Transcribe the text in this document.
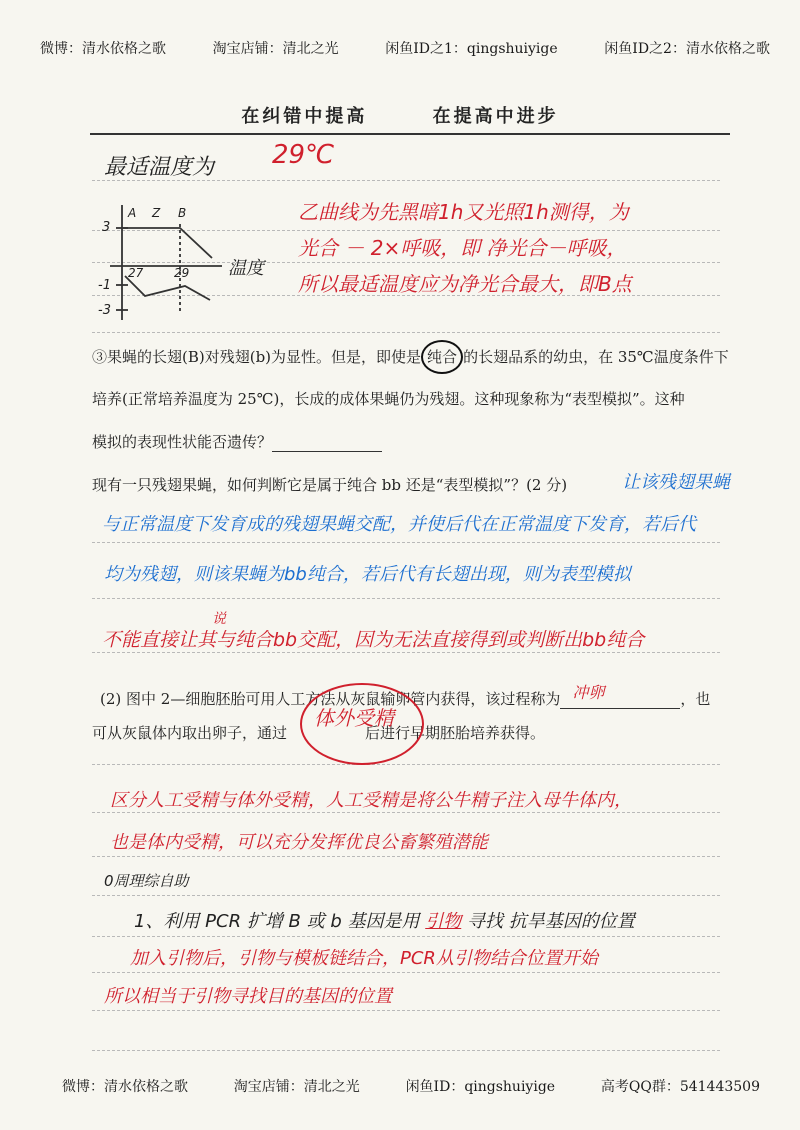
微博：清水依格之歌	淘宝店铺：清北之光	闲鱼ID之1：qingshuiyige	闲鱼ID之2：清水依格之歌
在纠错中提高	在提高中进步
最适温度为 29℃
3
-1
-3
27	29
A Z B
温度
乙曲线为先黑暗1h又光照1h测得，为
光合 － 2×呼吸，即 净光合－呼吸，
所以最适温度应为净光合最大，即B点
③果蝇的长翅(B)对残翅(b)为显性。但是，即使是 纯合 的长翅品系的幼虫，在 35℃温度条件下
培养(正常培养温度为 25℃)，长成的成体果蝇仍为残翅。这种现象称为“表型模拟”。这种
模拟的表现性状能否遗传？
现有一只残翅果蝇，如何判断它是属于纯合 bb 还是“表型模拟”？(2 分)	让该残翅果蝇
与正常温度下发育成的残翅果蝇交配，并使后代在正常温度下发育，若后代
均为残翅，则该果蝇为bb纯合，若后代有长翅出现，则为表型模拟
说
不能直接让其与纯合bb交配，因为无法直接得到或判断出bb纯合
(2) 图中 2—细胞胚胎可用人工方法从灰鼠输卵管内获得，该过程称为 冲卵	，也
可从灰鼠体内取出卵子，通过	后进行早期胚胎培养获得。
体外受精
区分人工受精与体外受精，人工受精是将公牛精子注入母牛体内，
也是体内受精，可以充分发挥优良公畜繁殖潜能
0周理综自助
1、利用 PCR 扩增 B 或 b 基因是用 引物 寻找 抗旱基因的位置
加入引物后，引物与模板链结合，PCR从引物结合位置开始
所以相当于引物寻找目的基因的位置
微博：清水依格之歌	淘宝店铺：清北之光	闲鱼ID：qingshuiyige	高考QQ群：541443509
